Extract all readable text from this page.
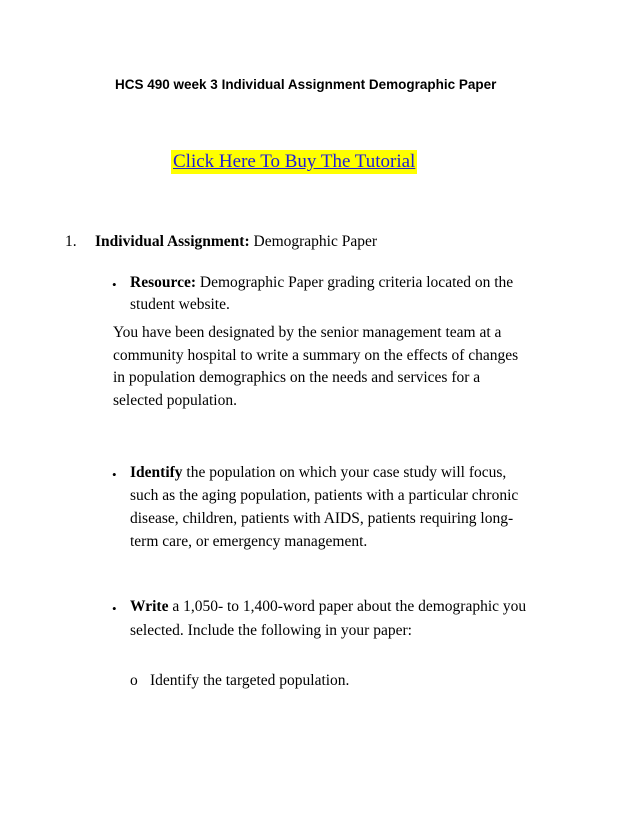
HCS 490 week 3 Individual Assignment Demographic Paper
Click Here To Buy The Tutorial
1. Individual Assignment: Demographic Paper
• Resource: Demographic Paper grading criteria located on the
student website.
You have been designated by the senior management team at a
community hospital to write a summary on the effects of changes
in population demographics on the needs and services for a
selected population.
• Identify the population on which your case study will focus,
such as the aging population, patients with a particular chronic
disease, children, patients with AIDS, patients requiring long-
term care, or emergency management.
• Write a 1,050- to 1,400-word paper about the demographic you
selected. Include the following in your paper:
o Identify the targeted population.
